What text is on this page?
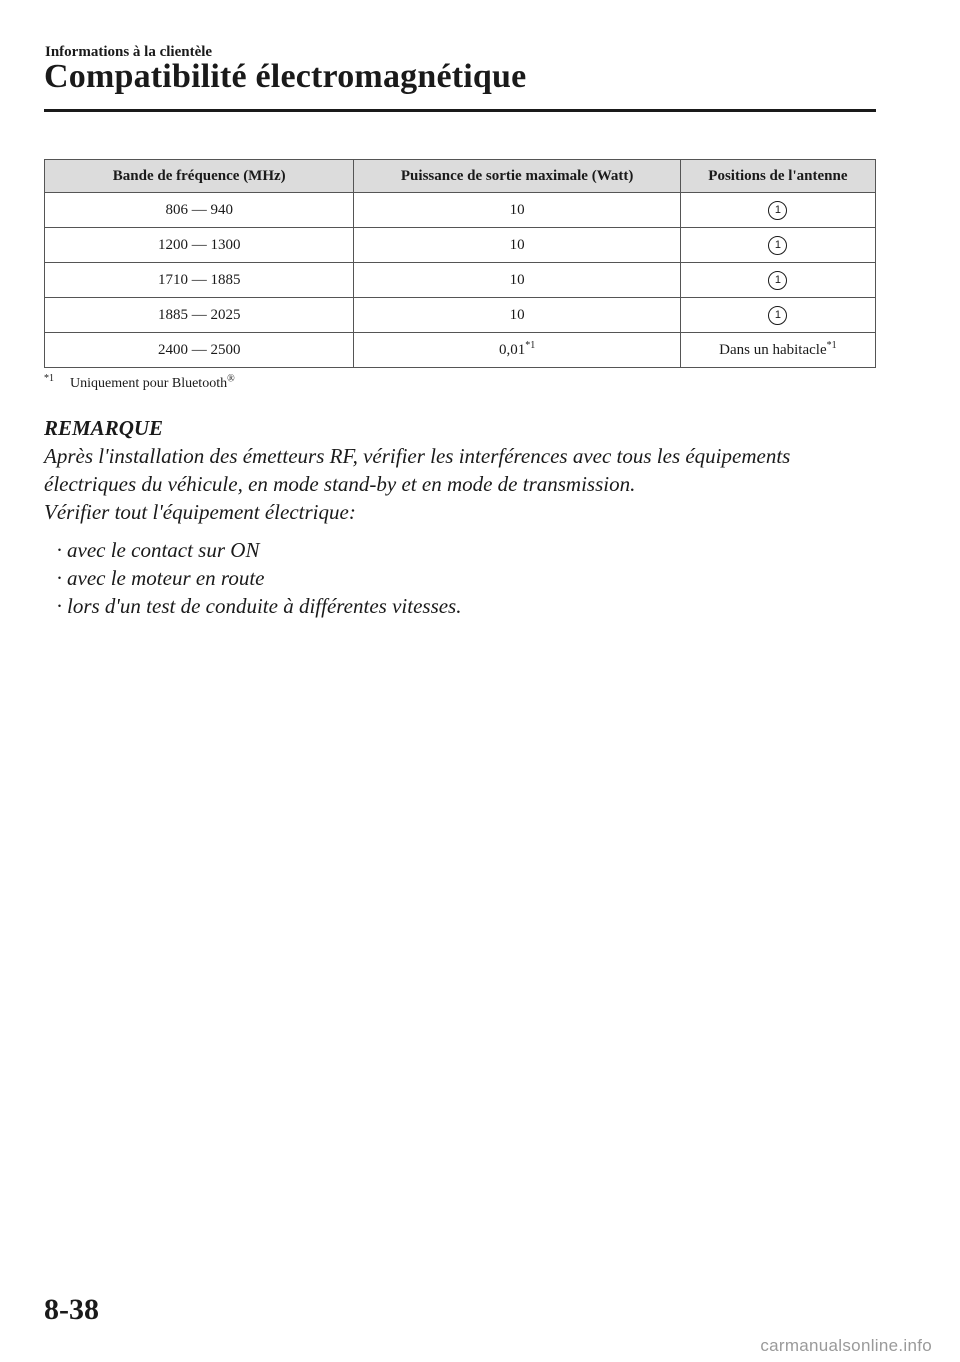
Informations à la clientèle
Compatibilité électromagnétique
Bande de fréquence (MHz)	Puissance de sortie maximale (Watt)	Positions de l'antenne
806 — 940	10	1
1200 — 1300	10	1
1710 — 1885	10	1
1885 — 2025	10	1
2400 — 2500	0,01$^{*1}$	Dans un habitacle$^{*1}$

$^{*1}$ Uniquement pour Bluetooth®

REMARQUE

Après l'installation des émetteurs RF, vérifier les interférences avec tous les équipements électriques du véhicule, en mode stand-by et en mode de transmission.

Vérifier tout l'équipement électrique:

· avec le contact sur ON
· avec le moteur en route
· lors d'un test de conduite à différentes vitesses.
8-38
carmanualsonline.info
